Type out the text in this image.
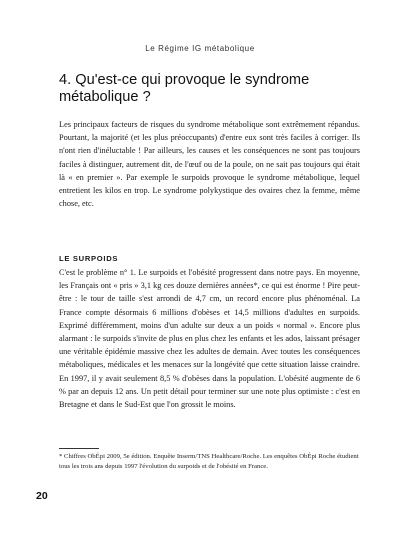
Le Régime IG métabolique
4. Qu'est-ce qui provoque le syndrome métabolique ?

Les principaux facteurs de risques du syndrome métabolique sont extrêmement répandus. Pourtant, la majorité (et les plus préoccupants) d'entre eux sont très faciles à corriger. Ils n'ont rien d'inéluctable ! Par ailleurs, les causes et les conséquences ne sont pas toujours faciles à distinguer, autrement dit, de l'œuf ou de la poule, on ne sait pas toujours qui était là « en premier ». Par exemple le surpoids provoque le syndrome métabolique, lequel entretient les kilos en trop. Le syndrome polykystique des ovaires chez la femme, même chose, etc.

LE SURPOIDS

C'est le problème n° 1. Le surpoids et l'obésité progressent dans notre pays. En moyenne, les Français ont « pris » 3,1 kg ces douze dernières années*, ce qui est énorme ! Pire peut-être : le tour de taille s'est arrondi de 4,7 cm, un record encore plus phénoménal. La France compte désormais 6 millions d'obèses et 14,5 millions d'adultes en surpoids. Exprimé différemment, moins d'un adulte sur deux a un poids « normal ». Encore plus alarmant : le surpoids s'invite de plus en plus chez les enfants et les ados, laissant présager une véritable épidémie massive chez les adultes de demain. Avec toutes les conséquences métaboliques, médicales et les menaces sur la longévité que cette situation laisse craindre. En 1997, il y avait seulement 8,5 % d'obèses dans la population. L'obésité augmente de 6 % par an depuis 12 ans. Un petit détail pour terminer sur une note plus optimiste : c'est en Bretagne et dans le Sud-Est que l'on grossit le moins.

* Chiffres ObÉpi 2009, 5e édition. Enquête Inserm/TNS Healthcare/Roche. Les enquêtes ObÉpi Roche étudient tous les trois ans depuis 1997 l'évolution du surpoids et de l'obésité en France.

20
